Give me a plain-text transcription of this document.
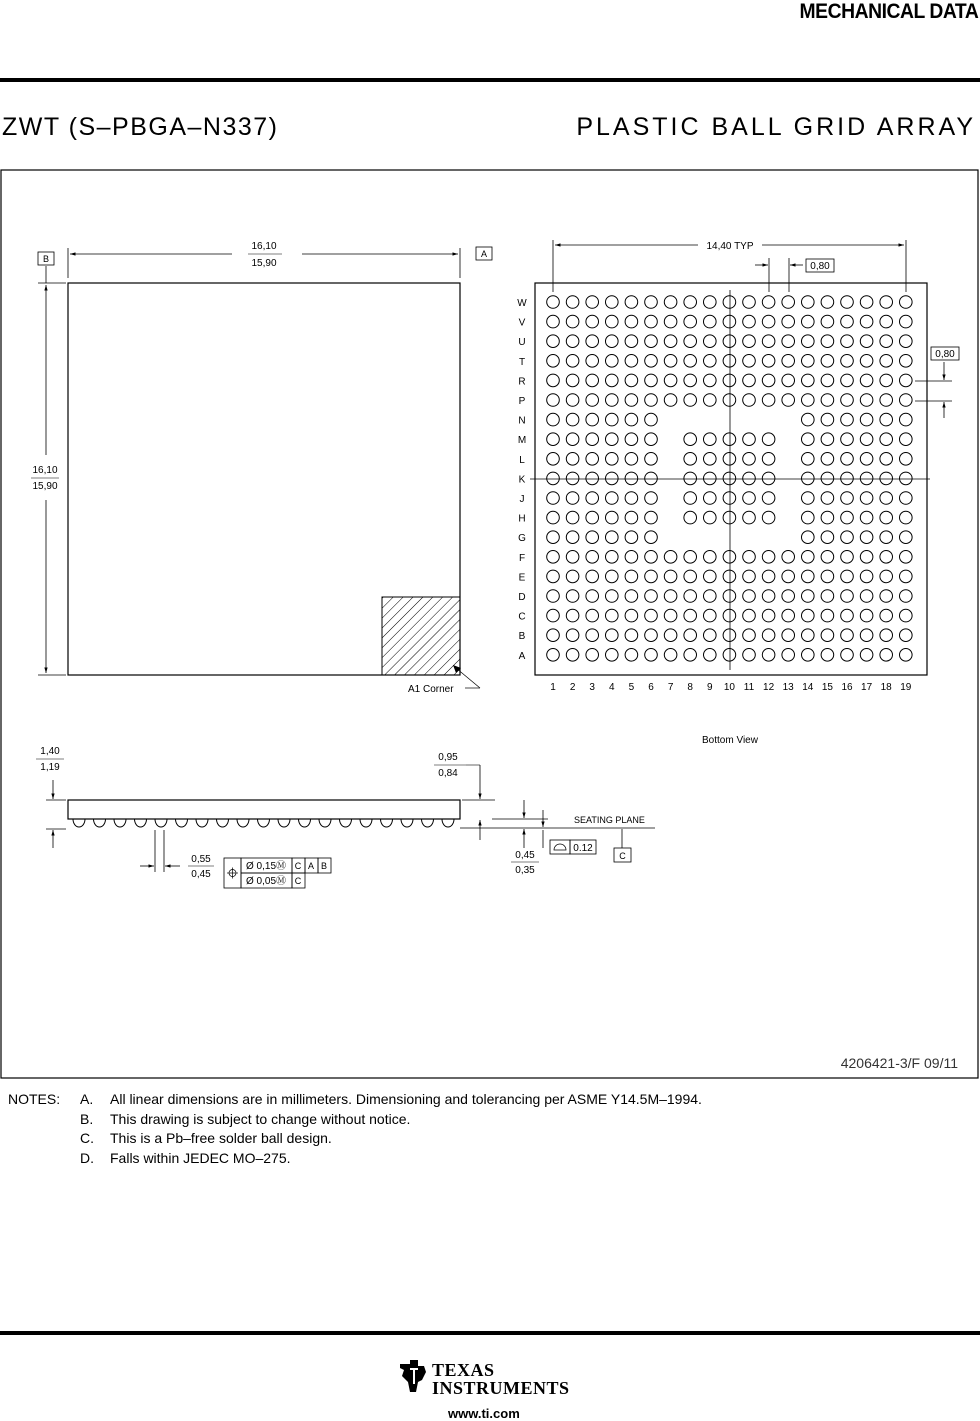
MECHANICAL DATA
ZWT (S–PBGA–N337)	PLASTIC BALL GRID ARRAY
16,10
15,90
B	A
16,10
15,90
A1 Corner
W
V
U
T
R
P
N
M
L
K
J
H
G
F
E
D
C
B
A
1 2 3 4 5 6 7 8 9 10 11 12 13 14 15 16 17 18 19
14,40 TYP
0,80
0,80
Bottom View
SEATING PLANE
1,40
1,19
0,95
0,84
0,55
0,45
Ø 0,15Ⓜ C A B
Ø 0,05Ⓜ C
0,45
0,35
0.12
C
4206421-3/F 09/11
NOTES: A. All linear dimensions are in millimeters. Dimensioning and tolerancing per ASME Y14.5M–1994.
B. This drawing is subject to change without notice.
C. This is a Pb–free solder ball design.
D. Falls within JEDEC MO–275.
TEXAS
INSTRUMENTS
www.ti.com
